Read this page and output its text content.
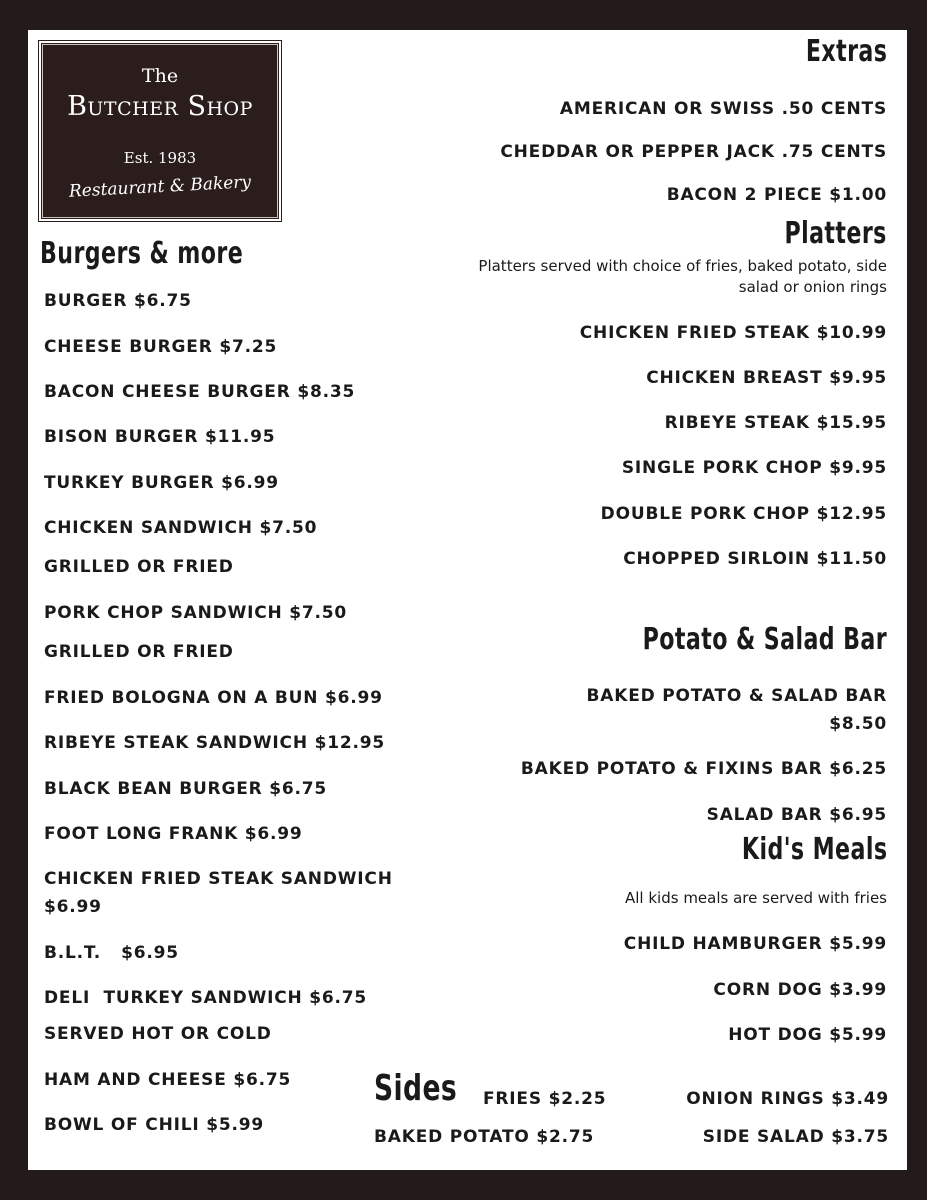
The
Butcher Shop
Est. 1983
Restaurant & Bakery
Extras
AMERICAN OR SWISS .50 CENTS
CHEDDAR OR PEPPER JACK .75 CENTS
BACON 2 PIECE $1.00
Platters
Platters served with choice of fries, baked potato, side
salad or onion rings
CHICKEN FRIED STEAK $10.99
CHICKEN BREAST $9.95
RIBEYE STEAK $15.95
SINGLE PORK CHOP $9.95
DOUBLE PORK CHOP $12.95
CHOPPED SIRLOIN $11.50
Potato & Salad Bar
BAKED POTATO & SALAD BAR
$8.50
BAKED POTATO & FIXINS BAR $6.25
SALAD BAR $6.95
Kid's Meals
All kids meals are served with fries
CHILD HAMBURGER $5.99
CORN DOG $3.99
HOT DOG $5.99
Burgers & more
BURGER $6.75
CHEESE BURGER $7.25
BACON CHEESE BURGER $8.35
BISON BURGER $11.95
TURKEY BURGER $6.99
CHICKEN SANDWICH $7.50
GRILLED OR FRIED
PORK CHOP SANDWICH $7.50
GRILLED OR FRIED
FRIED BOLOGNA ON A BUN $6.99
RIBEYE STEAK SANDWICH $12.95
BLACK BEAN BURGER $6.75
FOOT LONG FRANK $6.99
CHICKEN FRIED STEAK SANDWICH
$6.99
B.L.T.   $6.95
DELI  TURKEY SANDWICH $6.75
SERVED HOT OR COLD
HAM AND CHEESE $6.75
BOWL OF CHILI $5.99
Sides FRIES $2.25	ONION RINGS $3.49
BAKED POTATO $2.75	SIDE SALAD $3.75
